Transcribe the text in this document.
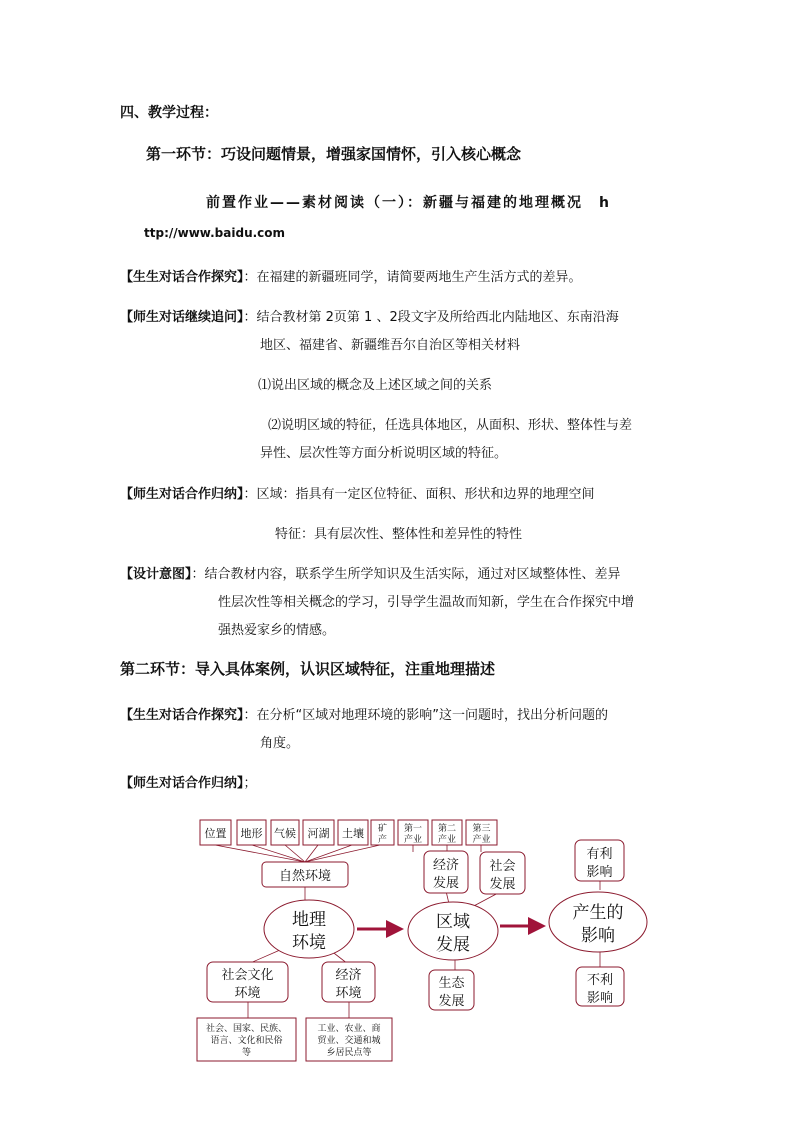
四、教学过程：
第一环节：巧设问题情景，增强家国情怀，引入核心概念
前置作业——素材阅读（一）：新疆与福建的地理概况　h
ttp://www.baidu.com
【生生对话合作探究】：在福建的新疆班同学，请简要两地生产生活方式的差异。
【师生对话继续追问】：结合教材第 2页第 1 、2段文字及所给西北内陆地区、东南沿海
地区、福建省、新疆维吾尔自治区等相关材料
⑴说出区域的概念及上述区域之间的关系
⑵说明区域的特征，任选具体地区，从面积、形状、整体性与差
异性、层次性等方面分析说明区域的特征。
【师生对话合作归纳】：区域：指具有一定区位特征、面积、形状和边界的地理空间
特征：具有层次性、整体性和差异性的特性
【设计意图】：结合教材内容，联系学生所学知识及生活实际，通过对区域整体性、差异
性层次性等相关概念的学习，引导学生温故而知新，学生在合作探究中增
强热爱家乡的情感。
第二环节：导入具体案例，认识区域特征，注重地理描述
【生生对话合作探究】：在分析“区域对地理环境的影响”这一问题时，找出分析问题的
角度。
【师生对话合作归纳】；
位置 地形 气候 河湖 土壤 矿
产
第一
产业
第二
产业
第三
产业
自然环境
经济
发展
社会
发展
有利
影响
不利
影响
生态
发展
社会文化
环境
经济
环境
地理
环境
区域
发展
产生的
影响
社会、国家、民族、
语言、文化和民俗
等
工业、农业、商
贸业、交通和城
乡居民点等
